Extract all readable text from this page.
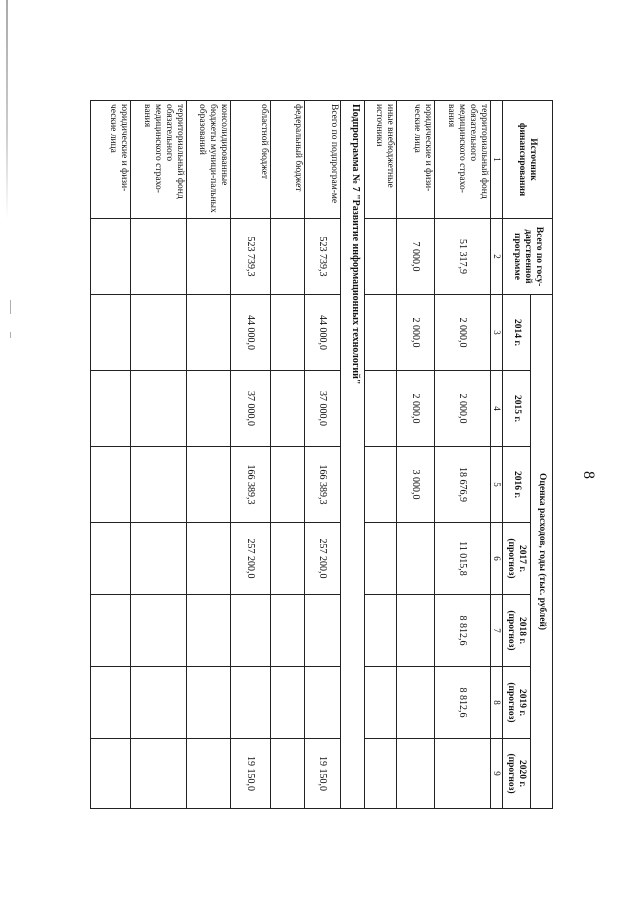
8
Источник финансирования	Всего по госу-дарственной программе	Оценка расходов, годы (тыс. рублей)						
		2014 г.	2015 г.	2016 г.	2017 г. (прогноз)	2018 г. (прогноз)	2019 г. (прогноз)	2020 г. (прогноз)
1	2	3	4	5	6	7	8	9
территориальный фонд обязательного медицинского страхо-вания	51 317,9	2 000,0	2 000,0	18 676,9	11 015,8	8 812,6	8 812,6	
юридические и физи-ческие лица	7 000,0	2 000,0	2 000,0	3 000,0				
иные внебюджетные источники								
Подпрограмма № 7 "Развитие информационных технологий"								
Всего по подпрограм-ме	523 739,3	44 000,0	37 000,0	166 389,3	257 200,0			19 150,0
федеральный бюджет								
областной бюджет	523 739,3	44 000,0	37 000,0	166 389,3	257 200,0			19 150,0
консолидированные бюджеты муници-пальных образований								
территориальный фонд обязательного медицинского страхо-вания								
юридические и физи-ческие лица								
